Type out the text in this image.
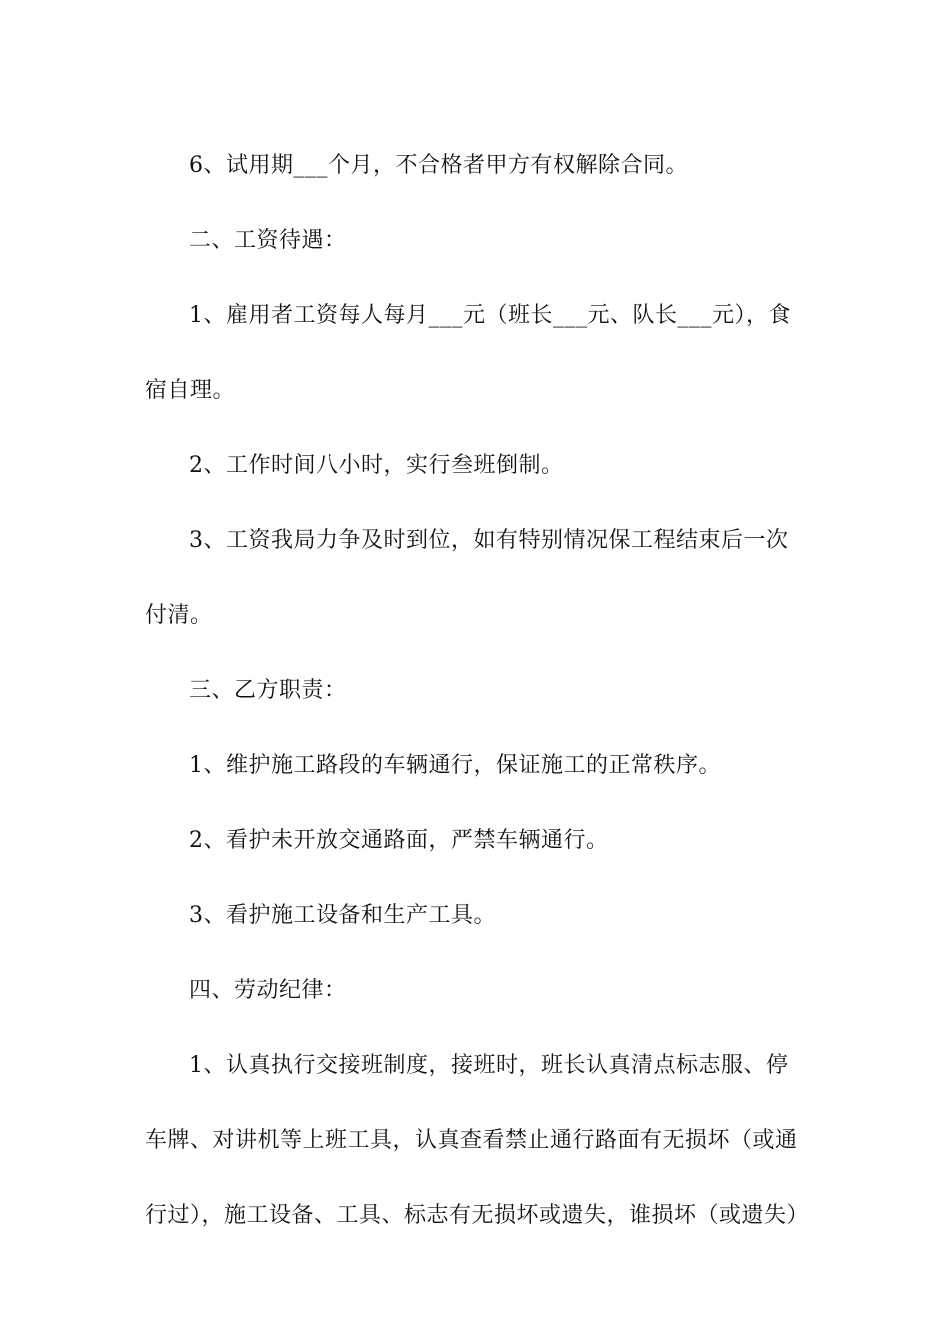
6、试用期___个月，不合格者甲方有权解除合同。

二、工资待遇：

1、雇用者工资每人每月___元（班长___元、队长___元），食宿自理。

2、工作时间八小时，实行叁班倒制。

3、工资我局力争及时到位，如有特别情况保工程结束后一次付清。

三、乙方职责：

1、维护施工路段的车辆通行，保证施工的正常秩序。

2、看护未开放交通路面，严禁车辆通行。

3、看护施工设备和生产工具。

四、劳动纪律：

1、认真执行交接班制度，接班时，班长认真清点标志服、停车牌、对讲机等上班工具，认真查看禁止通行路面有无损坏（或通行过），施工设备、工具、标志有无损坏或遗失，谁损坏（或遗失）
